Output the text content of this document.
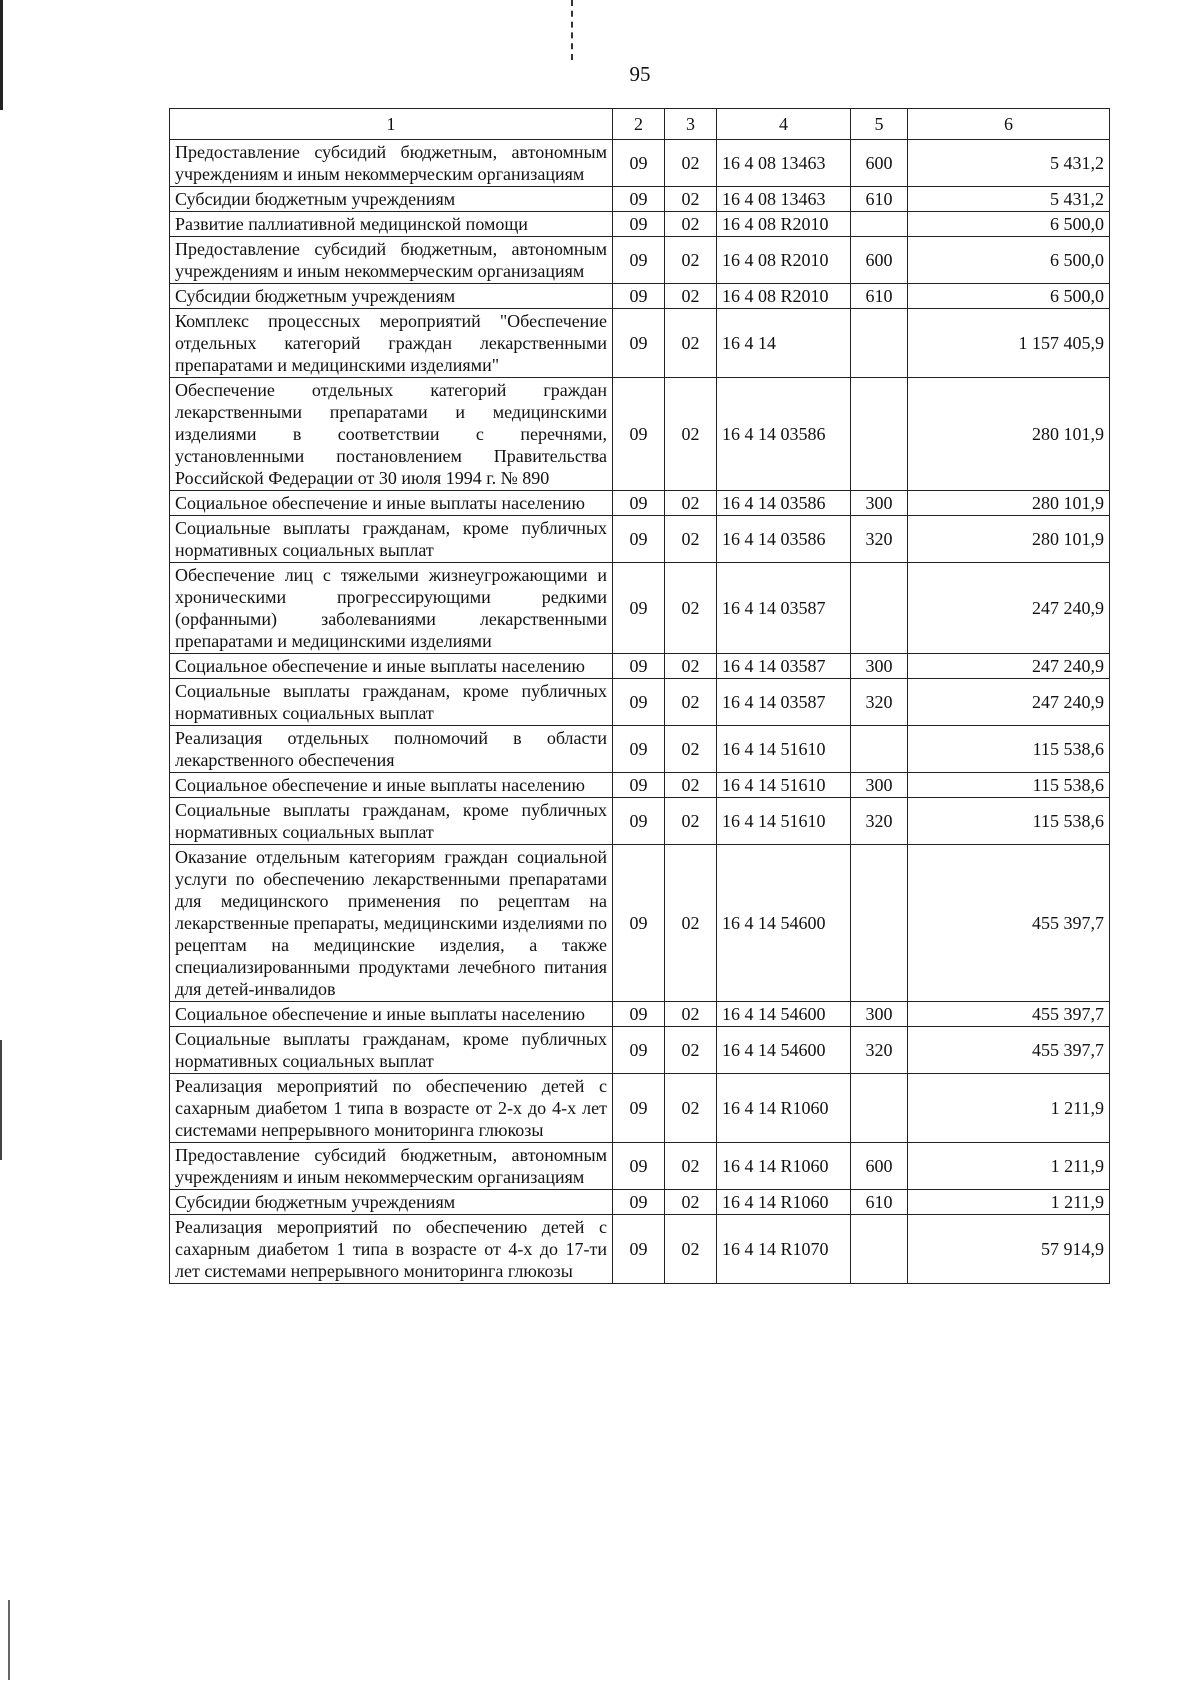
95
1	2	3	4	5	6
Предоставление субсидий бюджетным, автономным учреждениям и иным некоммерческим организациям	09	02	16 4 08 13463	600	5 431,2
Субсидии бюджетным учреждениям	09	02	16 4 08 13463	610	5 431,2
Развитие паллиативной медицинской помощи	09	02	16 4 08 R2010		6 500,0
Предоставление субсидий бюджетным, автономным учреждениям и иным некоммерческим организациям	09	02	16 4 08 R2010	600	6 500,0
Субсидии бюджетным учреждениям	09	02	16 4 08 R2010	610	6 500,0
Комплекс процессных мероприятий "Обеспечение отдельных категорий граждан лекарственными препаратами и медицинскими изделиями"	09	02	16 4 14		1 157 405,9
Обеспечение отдельных категорий граждан лекарственными препаратами и медицинскими изделиями в соответствии с перечнями, установленными постановлением Правительства Российской Федерации от 30 июля 1994 г. № 890	09	02	16 4 14 03586		280 101,9
Социальное обеспечение и иные выплаты населению	09	02	16 4 14 03586	300	280 101,9
Социальные выплаты гражданам, кроме публичных нормативных социальных выплат	09	02	16 4 14 03586	320	280 101,9
Обеспечение лиц с тяжелыми жизнеугрожающими и хроническими прогрессирующими редкими (орфанными) заболеваниями лекарственными препаратами и медицинскими изделиями	09	02	16 4 14 03587		247 240,9
Социальное обеспечение и иные выплаты населению	09	02	16 4 14 03587	300	247 240,9
Социальные выплаты гражданам, кроме публичных нормативных социальных выплат	09	02	16 4 14 03587	320	247 240,9
Реализация отдельных полномочий в области лекарственного обеспечения	09	02	16 4 14 51610		115 538,6
Социальное обеспечение и иные выплаты населению	09	02	16 4 14 51610	300	115 538,6
Социальные выплаты гражданам, кроме публичных нормативных социальных выплат	09	02	16 4 14 51610	320	115 538,6
Оказание отдельным категориям граждан социальной услуги по обеспечению лекарственными препаратами для медицинского применения по рецептам на лекарственные препараты, медицинскими изделиями по рецептам на медицинские изделия, а также специализированными продуктами лечебного питания для детей-инвалидов	09	02	16 4 14 54600		455 397,7
Социальное обеспечение и иные выплаты населению	09	02	16 4 14 54600	300	455 397,7
Социальные выплаты гражданам, кроме публичных нормативных социальных выплат	09	02	16 4 14 54600	320	455 397,7
Реализация мероприятий по обеспечению детей с сахарным диабетом 1 типа в возрасте от 2-х до 4-х лет системами непрерывного мониторинга глюкозы	09	02	16 4 14 R1060		1 211,9
Предоставление субсидий бюджетным, автономным учреждениям и иным некоммерческим организациям	09	02	16 4 14 R1060	600	1 211,9
Субсидии бюджетным учреждениям	09	02	16 4 14 R1060	610	1 211,9
Реализация мероприятий по обеспечению детей с сахарным диабетом 1 типа в возрасте от 4-х до 17-ти лет системами непрерывного мониторинга глюкозы	09	02	16 4 14 R1070		57 914,9
